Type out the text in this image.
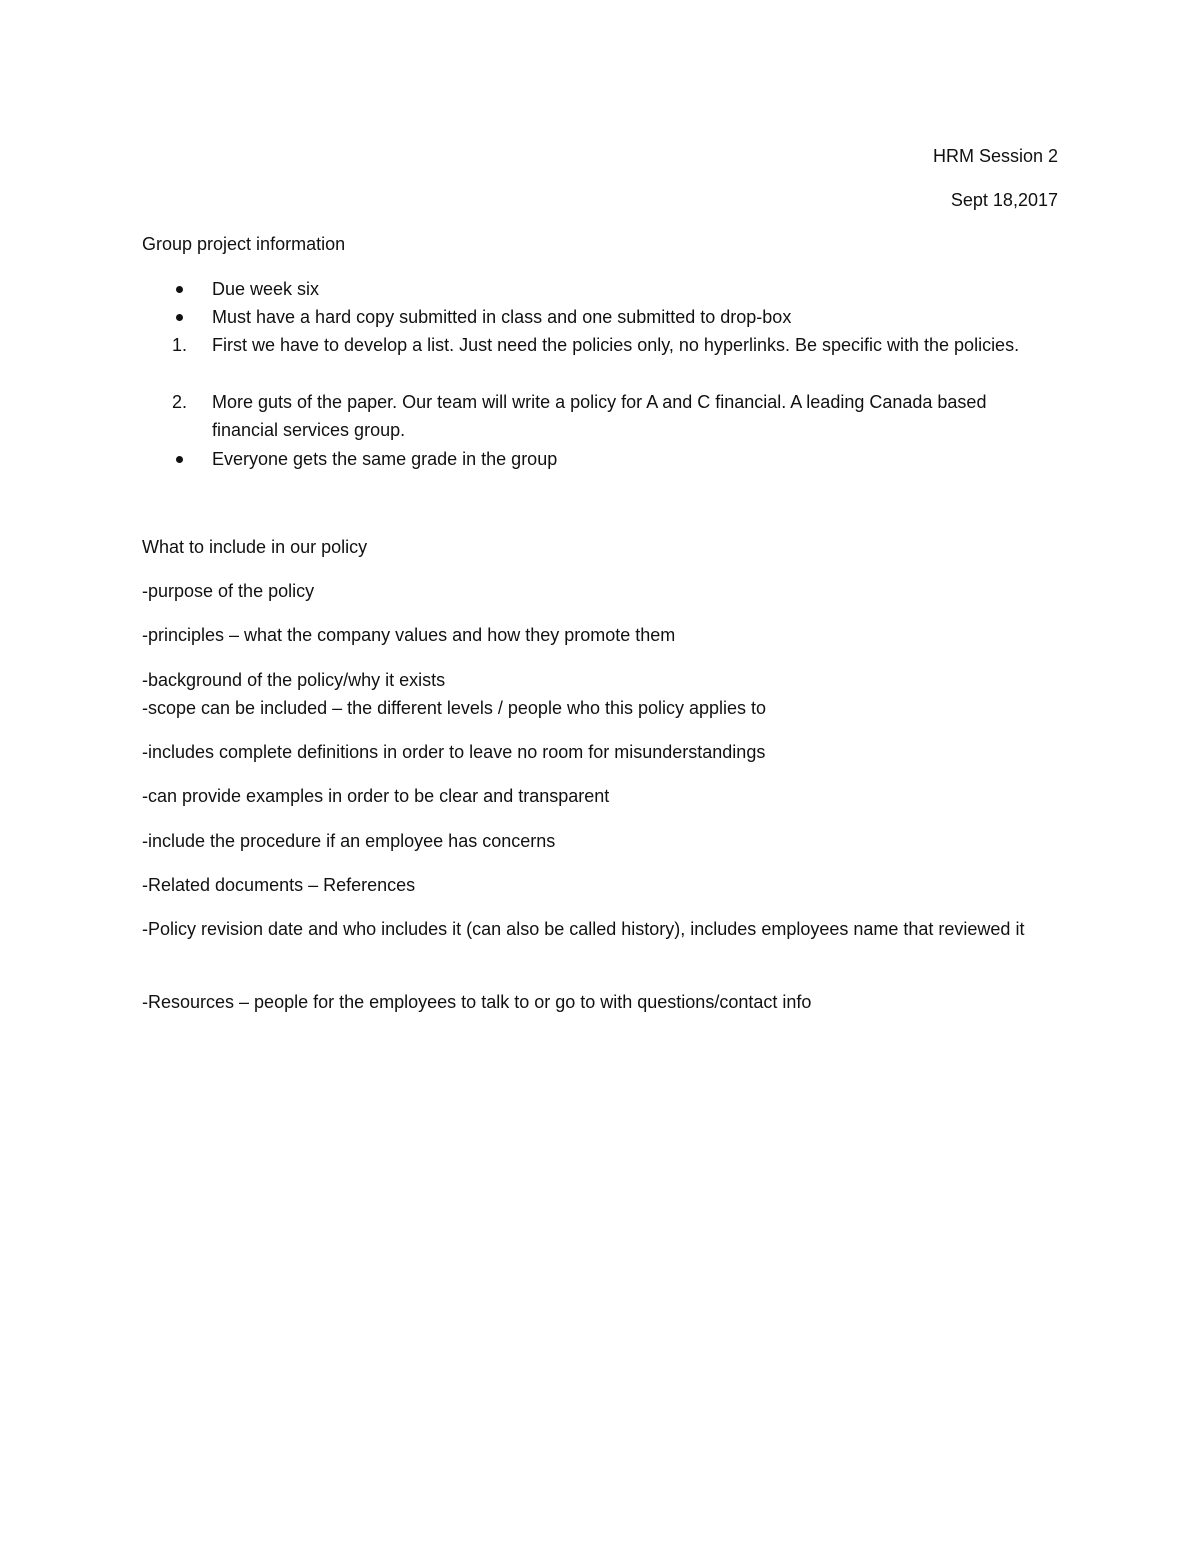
HRM Session 2
Sept 18,2017
Group project information
Due week six
Must have a hard copy submitted in class and one submitted to drop-box
1.	First we have to develop a list. Just need the policies only, no hyperlinks. Be specific with the policies.
2.	More guts of the paper. Our team will write a policy for A and C financial. A leading Canada based financial services group.
Everyone gets the same grade in the group
What to include in our policy
-purpose of the policy
-principles – what the company values and how they promote them
-background of the policy/why it exists
-scope can be included – the different levels / people who this policy applies to
-includes complete definitions in order to leave no room for misunderstandings
-can provide examples in order to be clear and transparent
-include the procedure if an employee has concerns
-Related documents – References
-Policy revision date and who includes it (can also be called history), includes employees name that reviewed it
-Resources – people for the employees to talk to or go to with questions/contact info
